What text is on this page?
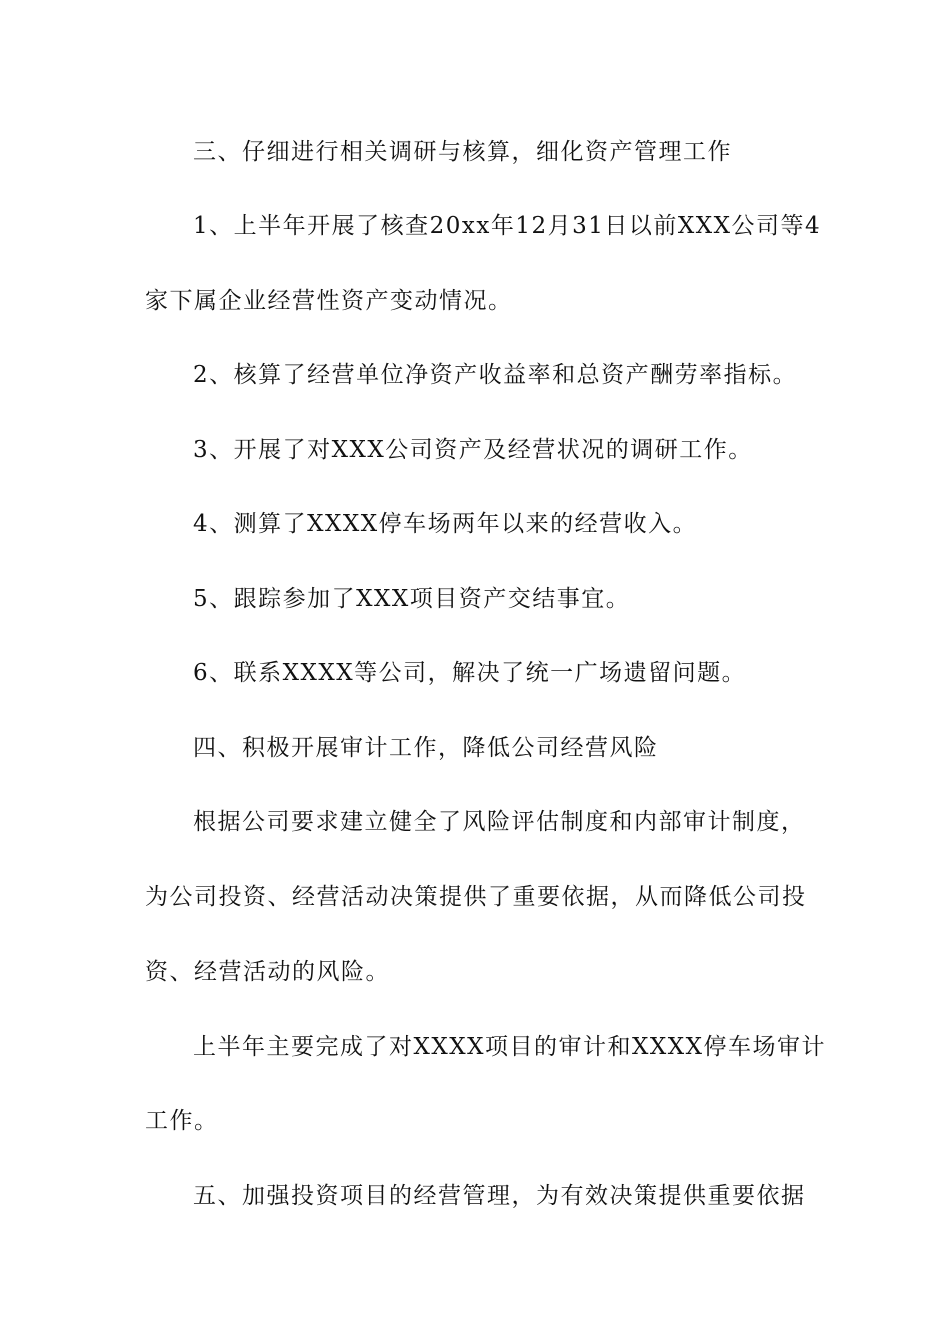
三、仔细进行相关调研与核算，细化资产管理工作
1、上半年开展了核查20xx年12月31日以前XXX公司等4
家下属企业经营性资产变动情况。
2、核算了经营单位净资产收益率和总资产酬劳率指标。
3、开展了对XXX公司资产及经营状况的调研工作。
4、测算了XXXX停车场两年以来的经营收入。
5、跟踪参加了XXX项目资产交结事宜。
6、联系XXXX等公司，解决了统一广场遗留问题。
四、积极开展审计工作，降低公司经营风险
根据公司要求建立健全了风险评估制度和内部审计制度，
为公司投资、经营活动决策提供了重要依据，从而降低公司投
资、经营活动的风险。
上半年主要完成了对XXXX项目的审计和XXXX停车场审计
工作。
五、加强投资项目的经营管理，为有效决策提供重要依据
